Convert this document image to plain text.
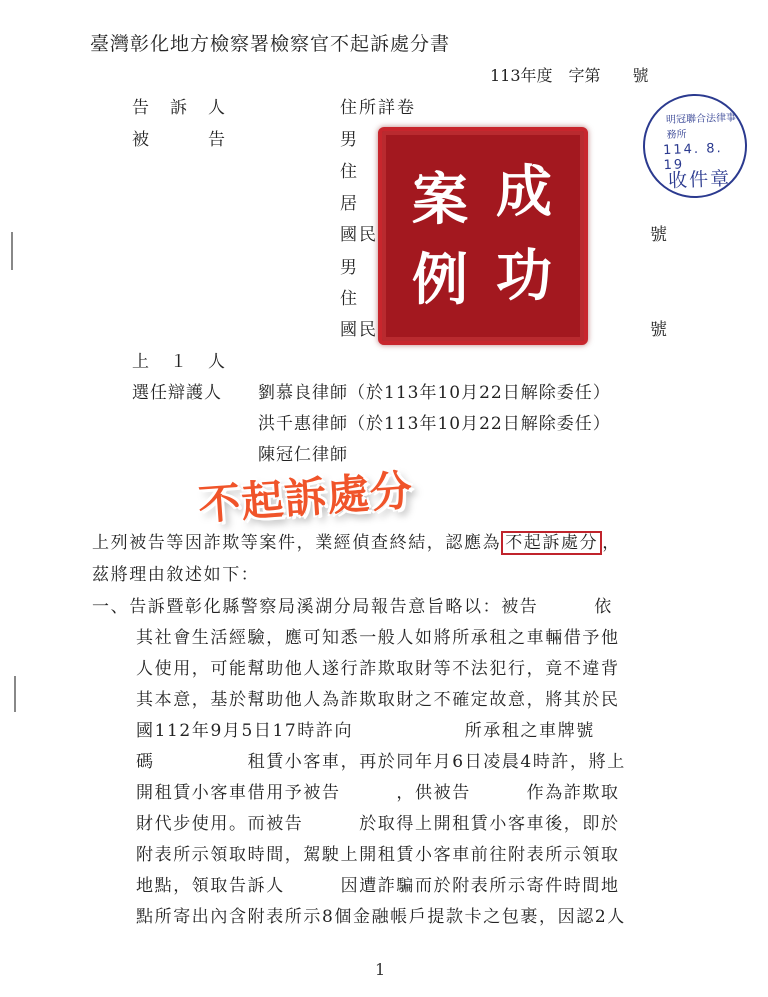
臺灣彰化地方檢察署檢察官不起訴處分書
113年度　字第　　號
告　訴　人	住所詳卷
被　　　告	男
住
居
國民	號
男
住
國民	號
上　１　人
選任辯護人 劉慕良律師（於113年10月22日解除委任）
洪千惠律師（於113年10月22日解除委任）
陳冠仁律師
明冠聯合法律事務所
114. 8. 19
收件章
成
案
功
例
不起訴處分
上列被告等因詐欺等案件，業經偵查終結，認應為 不起訴處分 ，
茲將理由敘述如下：
一、告訴暨彰化縣警察局溪湖分局報告意旨略以：被告　　　依
其社會生活經驗，應可知悉一般人如將所承租之車輛借予他
人使用，可能幫助他人遂行詐欺取財等不法犯行，竟不違背
其本意，基於幫助他人為詐欺取財之不確定故意，將其於民
國112年9月5日17時許向　　　　　　所承租之車牌號
碼　　　　　租賃小客車，再於同年月6日凌晨4時許，將上
開租賃小客車借用予被告　　　，供被告　　　作為詐欺取
財代步使用。而被告　　　於取得上開租賃小客車後，即於
附表所示領取時間，駕駛上開租賃小客車前往附表所示領取
地點，領取告訴人　　　因遭詐騙而於附表所示寄件時間地
點所寄出內含附表所示8個金融帳戶提款卡之包裹，因認2人
1
